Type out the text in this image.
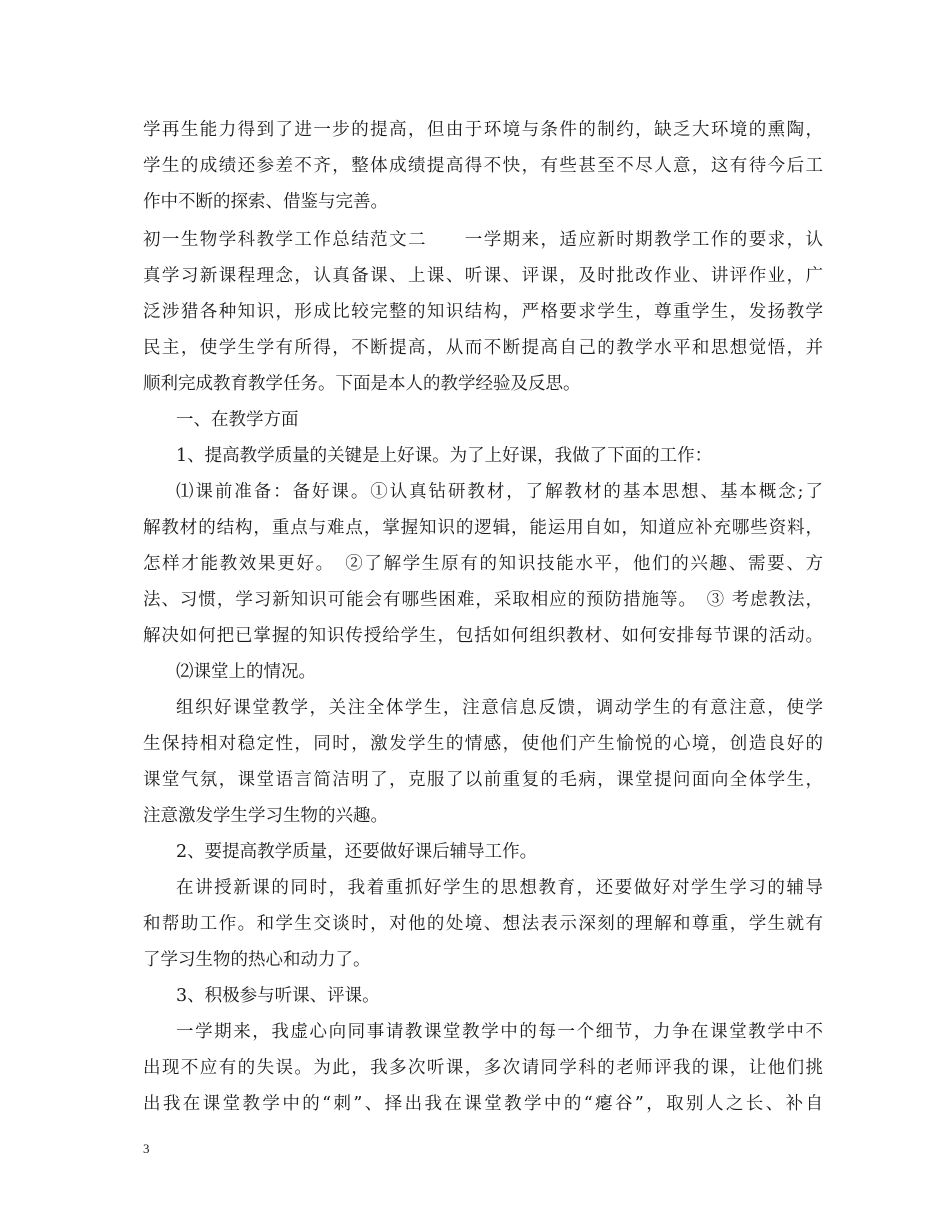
学再生能力得到了进一步的提高，但由于环境与条件的制约，缺乏大环境的熏陶，
学生的成绩还参差不齐，整体成绩提高得不快，有些甚至不尽人意，这有待今后工
作中不断的探索、借鉴与完善。
初一生物学科教学工作总结范文二　　一学期来，适应新时期教学工作的要求，认
真学习新课程理念，认真备课、上课、听课、评课，及时批改作业、讲评作业，广
泛涉猎各种知识，形成比较完整的知识结构，严格要求学生，尊重学生，发扬教学
民主，使学生学有所得，不断提高，从而不断提高自己的教学水平和思想觉悟，并
顺利完成教育教学任务。下面是本人的教学经验及反思。
一、在教学方面
1、提高教学质量的关键是上好课。为了上好课，我做了下面的工作：
⑴课前准备：备好课。①认真钻研教材，了解教材的基本思想、基本概念;了
解教材的结构，重点与难点，掌握知识的逻辑，能运用自如，知道应补充哪些资料，
怎样才能教效果更好。　②了解学生原有的知识技能水平，他们的兴趣、需要、方
法、习惯，学习新知识可能会有哪些困难，采取相应的预防措施等。　③ 考虑教法，
解决如何把已掌握的知识传授给学生，包括如何组织教材、如何安排每节课的活动。
⑵课堂上的情况。
组织好课堂教学，关注全体学生，注意信息反馈，调动学生的有意注意，使学
生保持相对稳定性，同时，激发学生的情感，使他们产生愉悦的心境，创造良好的
课堂气氛，课堂语言简洁明了，克服了以前重复的毛病，课堂提问面向全体学生，
注意激发学生学习生物的兴趣。
2、要提高教学质量，还要做好课后辅导工作。
在讲授新课的同时，我着重抓好学生的思想教育，还要做好对学生学习的辅导
和帮助工作。和学生交谈时，对他的处境、想法表示深刻的理解和尊重，学生就有
了学习生物的热心和动力了。
3、积极参与听课、评课。
一学期来，我虚心向同事请教课堂教学中的每一个细节，力争在课堂教学中不
出现不应有的失误。为此，我多次听课，多次请同学科的老师评我的课，让他们挑
出我在课堂教学中的“刺”、择出我在课堂教学中的“瘪谷”，取别人之长、补自
3
